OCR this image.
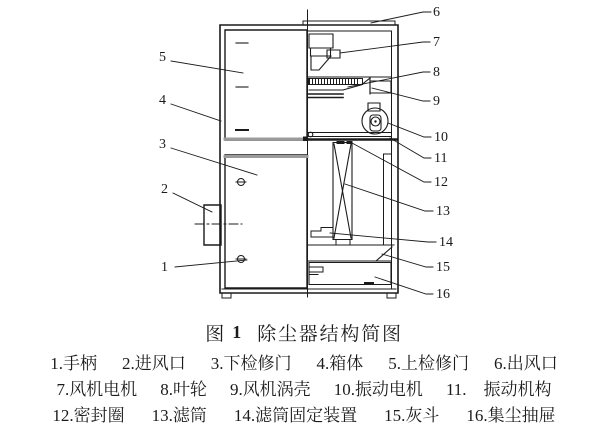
5
4
3
2
1
6
7
8
9
10
11
12
13
14
15
16
图 1 除尘器结构简图
1.手柄 2.进风口 3.下检修门 4.箱体 5.上检修门 6.出风口
7.风机电机 8.叶轮 9.风机涡壳 10.振动电机 11.　振动机构
12.密封圈 13.滤筒 14.滤筒固定装置 15.灰斗 16.集尘抽屉
